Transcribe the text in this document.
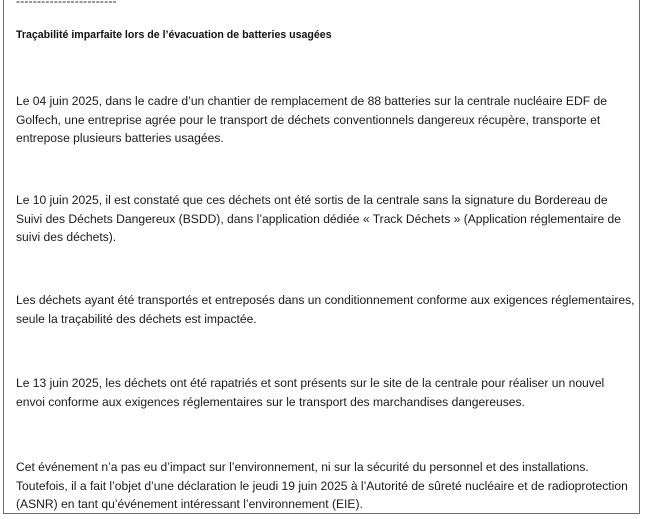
------------------------
Traçabilité imparfaite lors de l’évacuation de batteries usagées

Le 04 juin 2025, dans le cadre d’un chantier de remplacement de 88 batteries sur la centrale nucléaire EDF de Golfech, une entreprise agrée pour le transport de déchets conventionnels dangereux récupère, transporte et entrepose plusieurs batteries usagées.

Le 10 juin 2025, il est constaté que ces déchets ont été sortis de la centrale sans la signature du Bordereau de Suivi des Déchets Dangereux (BSDD), dans l’application dédiée « Track Déchets » (Application réglementaire de suivi des déchets).

Les déchets ayant été transportés et entreposés dans un conditionnement conforme aux exigences réglementaires, seule la traçabilité des déchets est impactée.

Le 13 juin 2025, les déchets ont été rapatriés et sont présents sur le site de la centrale pour réaliser un nouvel envoi conforme aux exigences réglementaires sur le transport des marchandises dangereuses.

Cet événement n’a pas eu d’impact sur l’environnement, ni sur la sécurité du personnel et des installations. Toutefois, il a fait l’objet d’une déclaration le jeudi 19 juin 2025 à l’Autorité de sûreté nucléaire et de radioprotection (ASNR) en tant qu’événement intéressant l’environnement (EIE).
